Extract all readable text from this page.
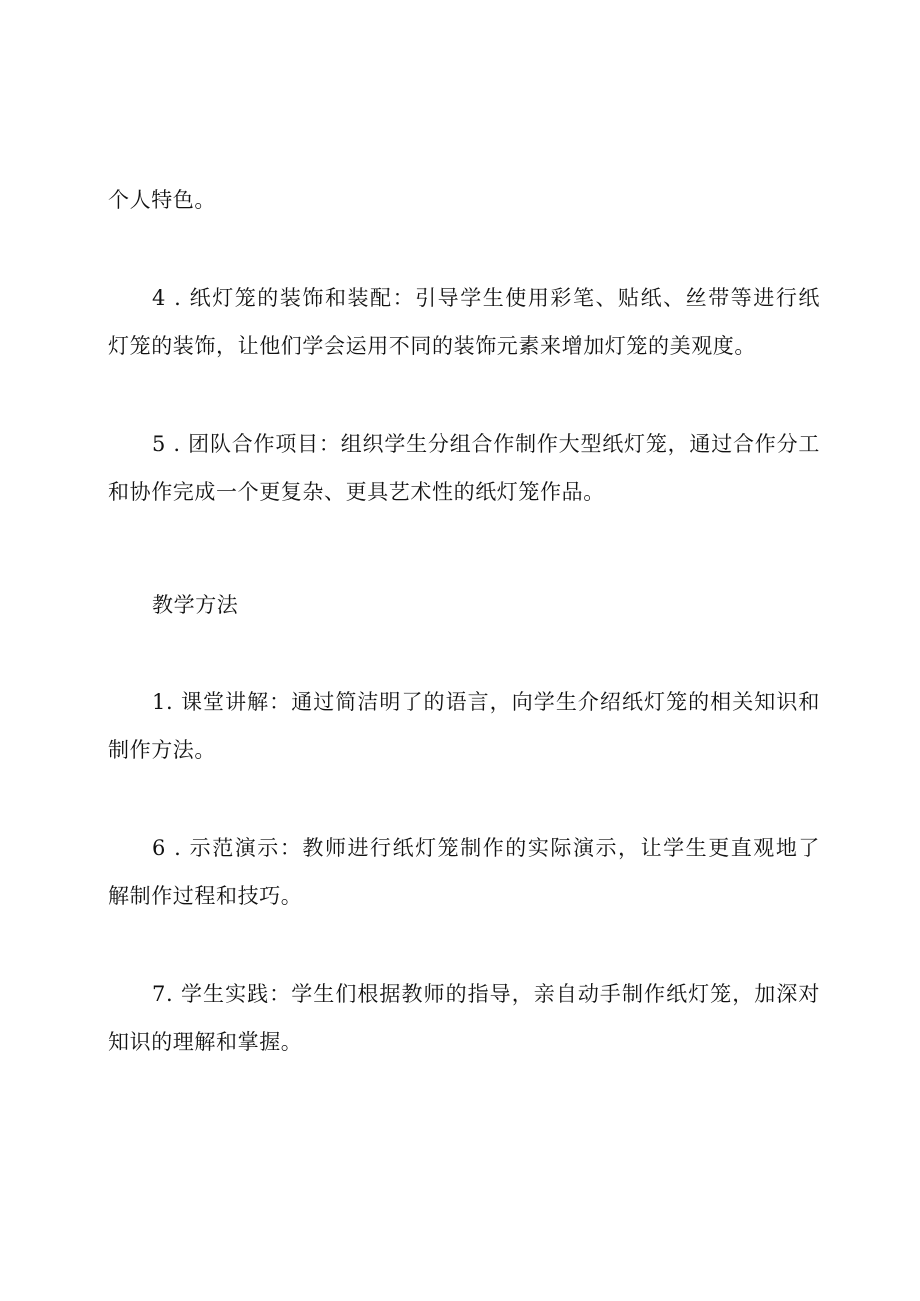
个人特色。
4 . 纸灯笼的装饰和装配：引导学生使用彩笔、贴纸、丝带等进行纸
灯笼的装饰，让他们学会运用不同的装饰元素来增加灯笼的美观度。
5 . 团队合作项目：组织学生分组合作制作大型纸灯笼，通过合作分工
和协作完成一个更复杂、更具艺术性的纸灯笼作品。
教学方法
1. 课堂讲解：通过简洁明了的语言，向学生介绍纸灯笼的相关知识和
制作方法。
6 . 示范演示：教师进行纸灯笼制作的实际演示，让学生更直观地了
解制作过程和技巧。
7. 学生实践：学生们根据教师的指导，亲自动手制作纸灯笼，加深对
知识的理解和掌握。
